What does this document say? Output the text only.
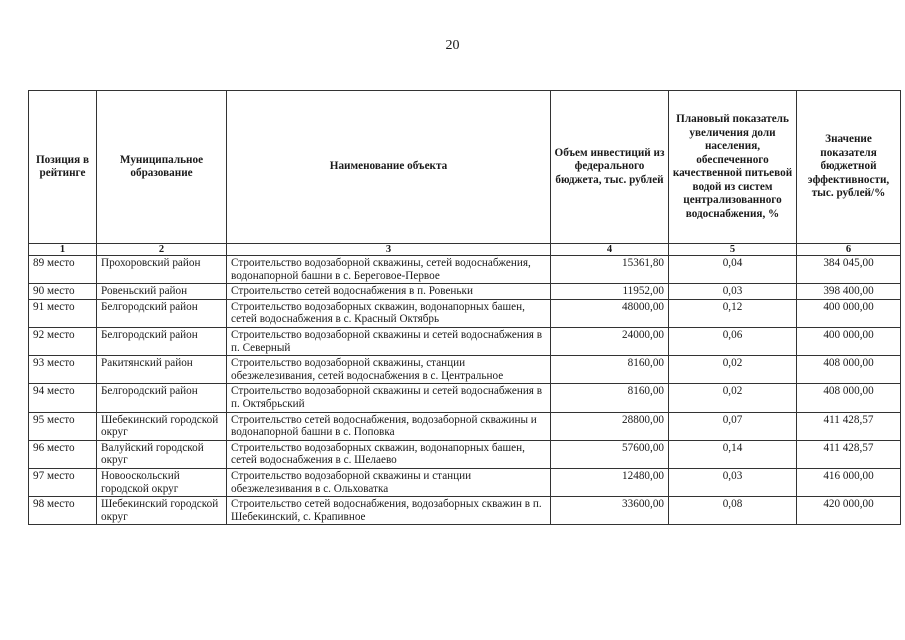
20
Позиция в рейтинге	Муниципальное образование	Наименование объекта	Объем инвестиций из федерального бюджета, тыс. рублей	Плановый показатель увеличения доли населения, обеспеченного качественной питьевой водой из систем централизованного водоснабжения, %	Значение показателя бюджетной эффективности, тыс. рублей/%
1	2	3	4	5	6
89 место	Прохоровский район	Строительство водозаборной скважины, сетей водоснабжения, водонапорной башни в с. Береговое-Первое	15361,80	0,04	384 045,00
90 место	Ровеньский район	Строительство сетей водоснабжения в п. Ровеньки	11952,00	0,03	398 400,00
91 место	Белгородский район	Строительство водозаборных скважин, водонапорных башен, сетей водоснабжения в с. Красный Октябрь	48000,00	0,12	400 000,00
92 место	Белгородский район	Строительство водозаборной скважины и сетей водоснабжения в п. Северный	24000,00	0,06	400 000,00
93 место	Ракитянский район	Строительство водозаборной скважины, станции обезжелезивания, сетей водоснабжения в с. Центральное	8160,00	0,02	408 000,00
94 место	Белгородский район	Строительство водозаборной скважины и сетей водоснабжения в п. Октябрьский	8160,00	0,02	408 000,00
95 место	Шебекинский городской округ	Строительство сетей водоснабжения, водозаборной скважины и водонапорной башни в с. Поповка	28800,00	0,07	411 428,57
96 место	Валуйский городской округ	Строительство водозаборных скважин, водонапорных башен, сетей водоснабжения в с. Шелаево	57600,00	0,14	411 428,57
97 место	Новооскольский городской округ	Строительство водозаборной скважины и станции обезжелезивания в с. Ольховатка	12480,00	0,03	416 000,00
98 место	Шебекинский городской округ	Строительство сетей водоснабжения, водозаборных скважин в п. Шебекинский, с. Крапивное	33600,00	0,08	420 000,00
